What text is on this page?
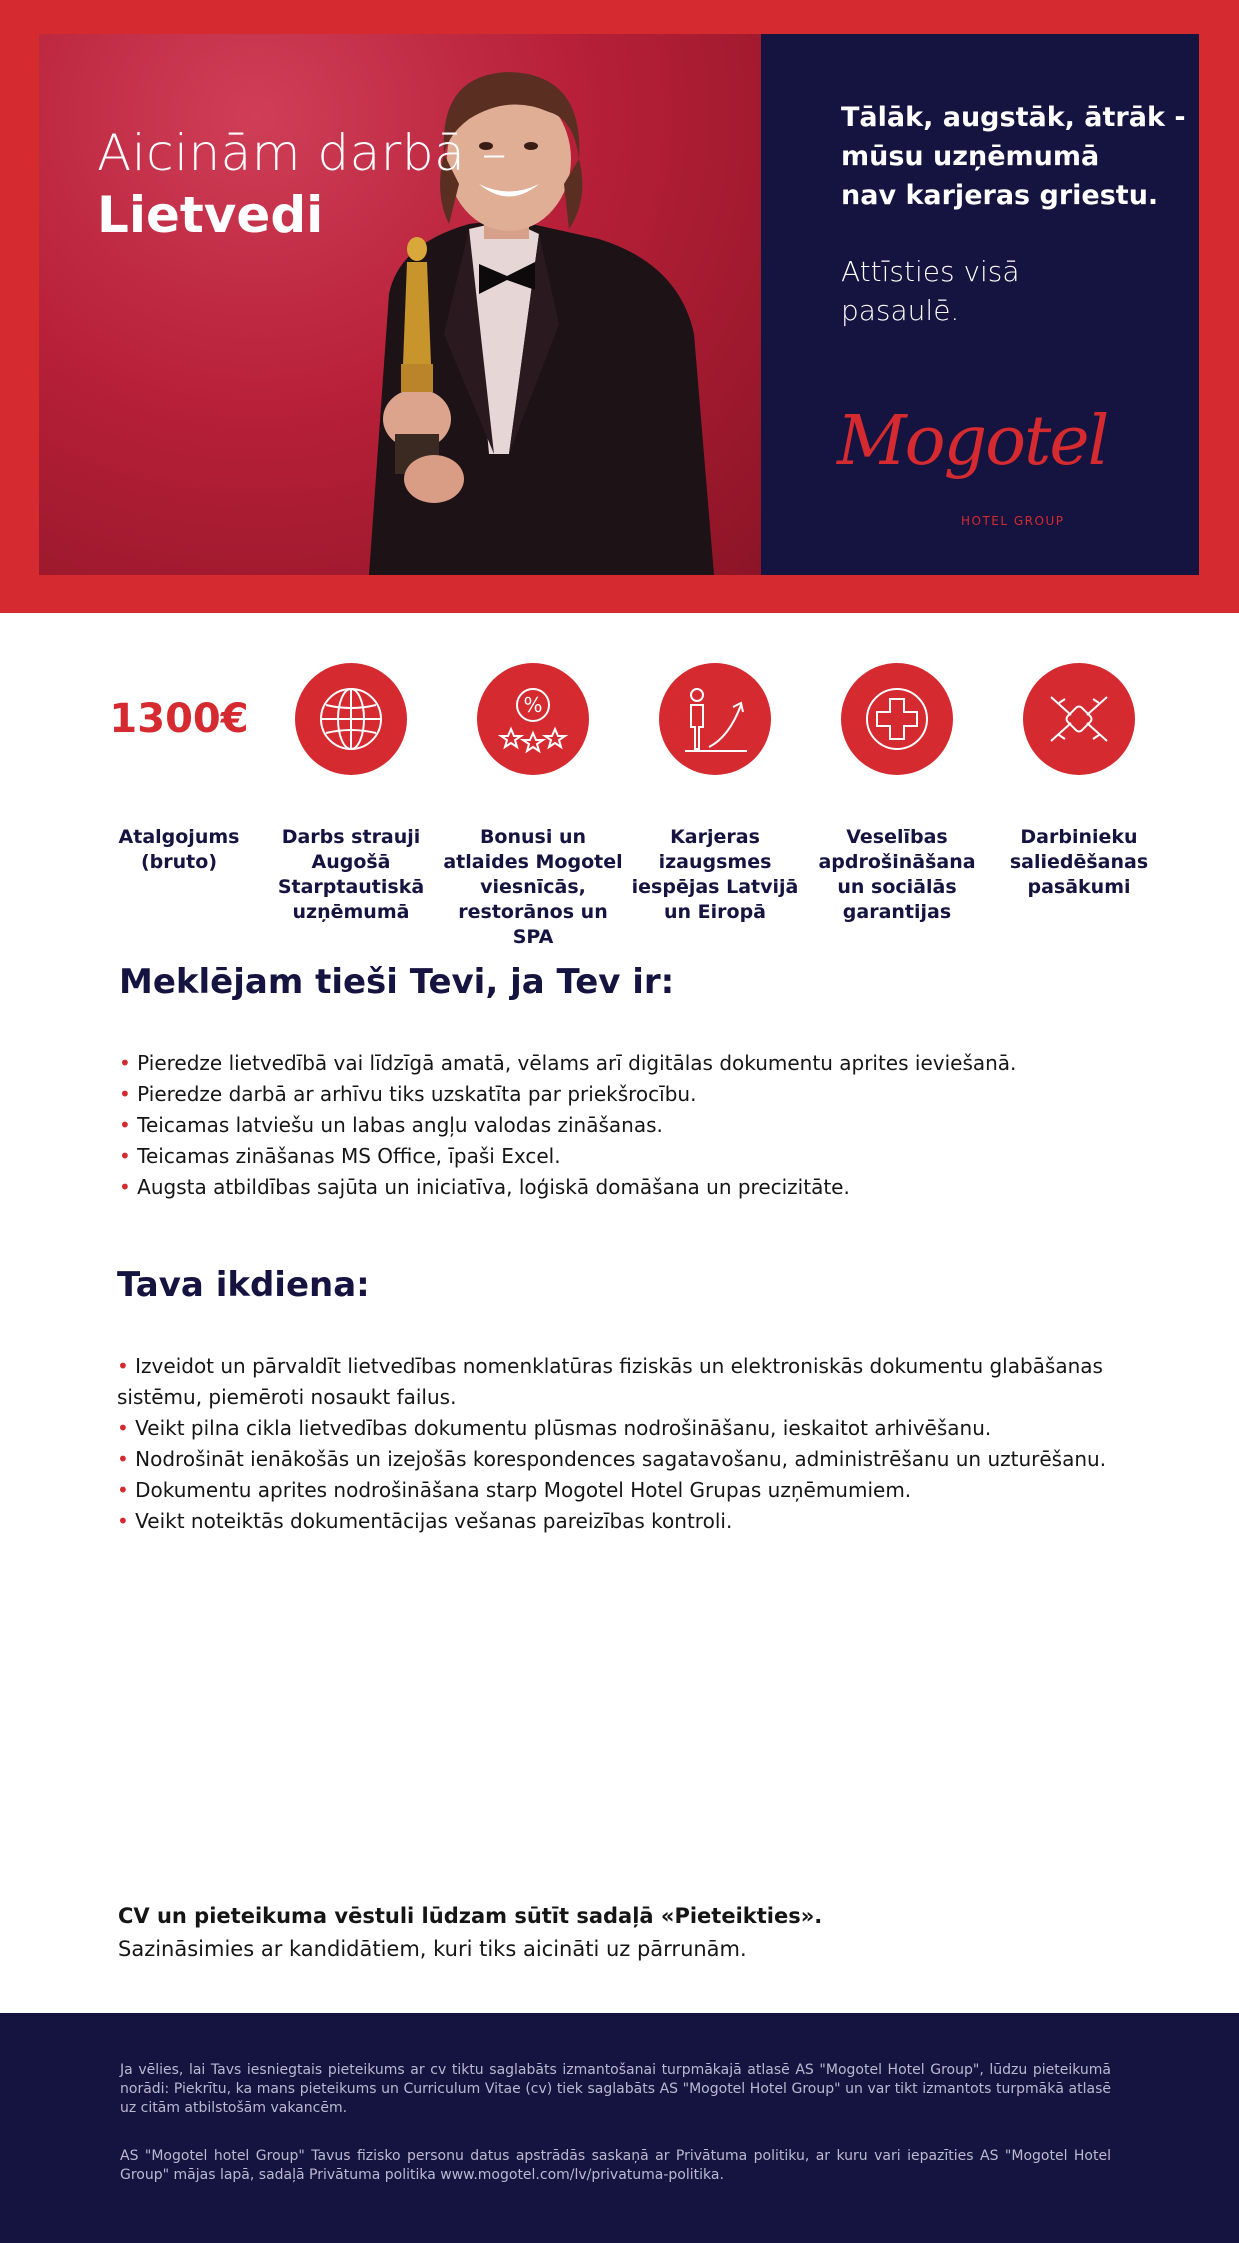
Aicinām darbā –
Lietvedi
Tālāk, augstāk, ātrāk -
mūsu uzņēmumā
nav karjeras griestu.
Attīsties visā
pasaulē.
Mogotel
HOTEL GROUP
1300€
Atalgojums (bruto)
Darbs strauji Augošā Starptautiskā uzņēmumā
%
Bonusi un atlaides Mogotel viesnīcās, restorānos un SPA
Karjeras izaugsmes iespējas Latvijā un Eiropā
Veselības apdrošināšana un sociālās garantijas
Darbinieku saliedēšanas pasākumi
Meklējam tieši Tevi, ja Tev ir:
• Pieredze lietvedībā vai līdzīgā amatā, vēlams arī digitālas dokumentu aprites ieviešanā.
• Pieredze darbā ar arhīvu tiks uzskatīta par priekšrocību.
• Teicamas latviešu un labas angļu valodas zināšanas.
• Teicamas zināšanas MS Office, īpaši Excel.
• Augsta atbildības sajūta un iniciatīva, loģiskā domāšana un precizitāte.
Tava ikdiena:
• Izveidot un pārvaldīt lietvedības nomenklatūras fiziskās un elektroniskās dokumentu glabāšanas sistēmu, piemēroti nosaukt failus.
• Veikt pilna cikla lietvedības dokumentu plūsmas nodrošināšanu, ieskaitot arhivēšanu.
• Nodrošināt ienākošās un izejošās korespondences sagatavošanu, administrēšanu un uzturēšanu.
• Dokumentu aprites nodrošināšana starp Mogotel Hotel Grupas uzņēmumiem.
• Veikt noteiktās dokumentācijas vešanas pareizības kontroli.
CV un pieteikuma vēstuli lūdzam sūtīt sadaļā «Pieteikties».
Sazināsimies ar kandidātiem, kuri tiks aicināti uz pārrunām.

Ja vēlies, lai Tavs iesniegtais pieteikums ar cv tiktu saglabāts izmantošanai turpmākajā atlasē AS "Mogotel Hotel Group", lūdzu pieteikumā norādi: Piekrītu, ka mans pieteikums un Curriculum Vitae (cv) tiek saglabāts AS "Mogotel Hotel Group" un var tikt izmantots turpmākā atlasē uz citām atbilstošām vakancēm.

AS "Mogotel hotel Group" Tavus fizisko personu datus apstrādās saskaņā ar Privātuma politiku, ar kuru vari iepazīties AS "Mogotel Hotel Group" mājas lapā, sadaļā Privātuma politika www.mogotel.com/lv/privatuma-politika.
